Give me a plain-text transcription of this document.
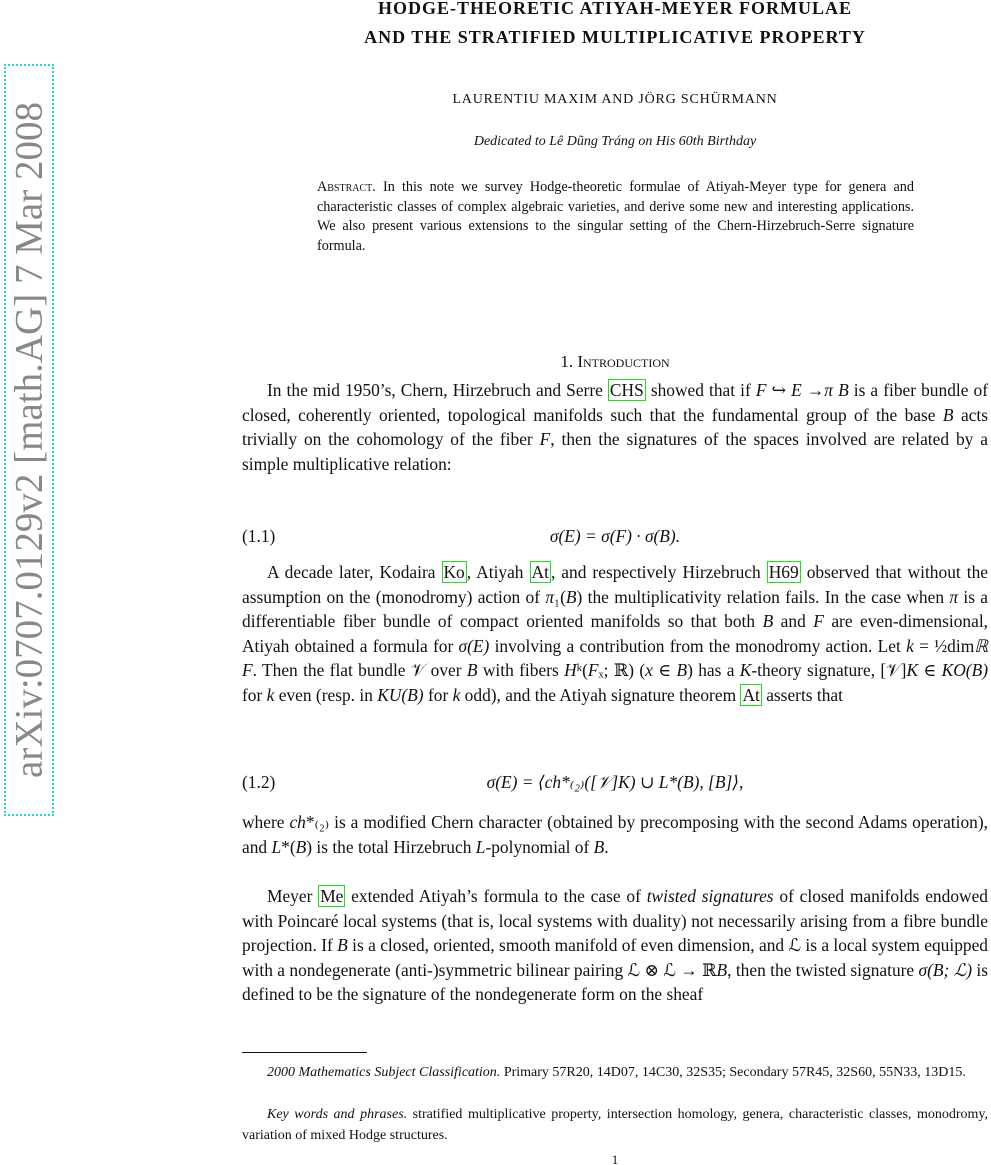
arXiv:0707.0129v2 [math.AG] 7 Mar 2008
HODGE-THEORETIC ATIYAH-MEYER FORMULAE
AND THE STRATIFIED MULTIPLICATIVE PROPERTY
LAURENTIU MAXIM AND JÖRG SCHÜRMANN
Dedicated to Lê Dũng Tráng on His 60th Birthday
Abstract. In this note we survey Hodge-theoretic formulae of Atiyah-Meyer type for genera and characteristic classes of complex algebraic varieties, and derive some new and interesting applications. We also present various extensions to the singular setting of the Chern-Hirzebruch-Serre signature formula.
1. Introduction
In the mid 1950’s, Chern, Hirzebruch and Serre CHS showed that if F ↪ E →π B is a fiber bundle of closed, coherently oriented, topological manifolds such that the fundamental group of the base B acts trivially on the cohomology of the fiber F, then the signatures of the spaces involved are related by a simple multiplicative relation:
(1.1)	σ(E) = σ(F) · σ(B).
A decade later, Kodaira Ko , Atiyah At , and respectively Hirzebruch H69 observed that without the assumption on the (monodromy) action of π₁(B) the multiplicativity relation fails. In the case when π is a differentiable fiber bundle of compact oriented manifolds so that both B and F are even-dimensional, Atiyah obtained a formula for σ(E) involving a contribution from the monodromy action. Let k = ½dimℝ F. Then the flat bundle 𝒱 over B with fibers Hᵏ(Fₓ; ℝ) (x ∈ B) has a K-theory signature, [𝒱]K ∈ KO(B) for k even (resp. in KU(B) for k odd), and the Atiyah signature theorem At asserts that
(1.2)	σ(E) = ⟨ch*₍₂₎([𝒱]K) ∪ L*(B), [B]⟩,
where ch*₍₂₎ is a modified Chern character (obtained by precomposing with the second Adams operation), and L*(B) is the total Hirzebruch L-polynomial of B.
Meyer Me extended Atiyah’s formula to the case of twisted signatures of closed manifolds endowed with Poincaré local systems (that is, local systems with duality) not necessarily arising from a fibre bundle projection. If B is a closed, oriented, smooth manifold of even dimension, and ℒ is a local system equipped with a nondegenerate (anti-)symmetric bilinear pairing ℒ ⊗ ℒ → ℝB, then the twisted signature σ(B; ℒ) is defined to be the signature of the nondegenerate form on the sheaf
2000 Mathematics Subject Classification. Primary 57R20, 14D07, 14C30, 32S35; Secondary 57R45, 32S60, 55N33, 13D15.
Key words and phrases. stratified multiplicative property, intersection homology, genera, characteristic classes, monodromy, variation of mixed Hodge structures.
1
